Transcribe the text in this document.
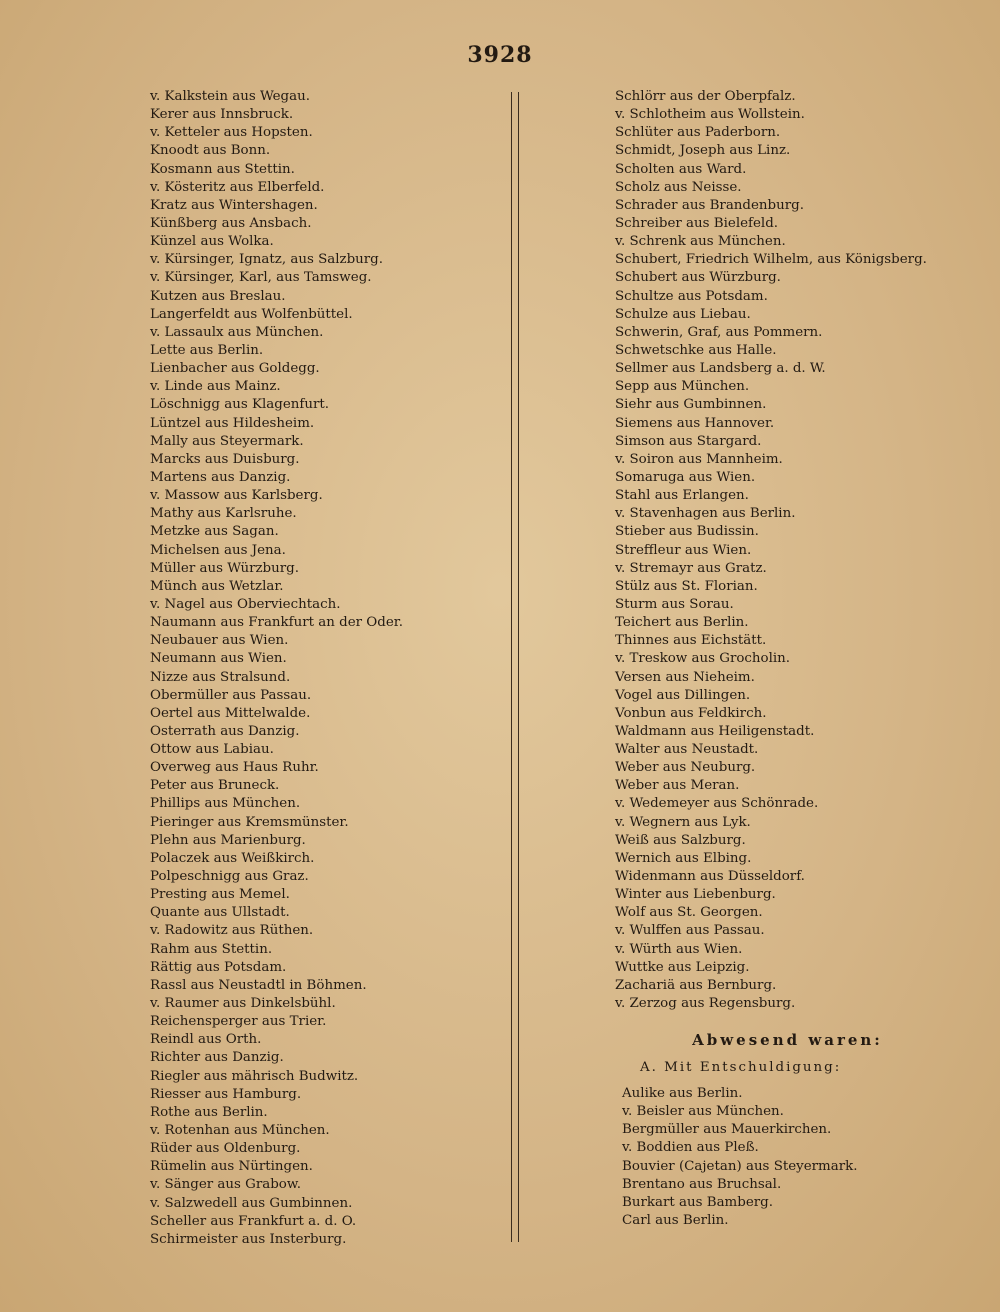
3928
v. Kalkstein aus Wegau.
Kerer aus Innsbruck.
v. Ketteler aus Hopsten.
Knoodt aus Bonn.
Kosmann aus Stettin.
v. Kösteritz aus Elberfeld.
Kratz aus Wintershagen.
Künßberg aus Ansbach.
Künzel aus Wolka.
v. Kürsinger, Ignatz, aus Salzburg.
v. Kürsinger, Karl, aus Tamsweg.
Kutzen aus Breslau.
Langerfeldt aus Wolfenbüttel.
v. Lassaulx aus München.
Lette aus Berlin.
Lienbacher aus Goldegg.
v. Linde aus Mainz.
Löschnigg aus Klagenfurt.
Lüntzel aus Hildesheim.
Mally aus Steyermark.
Marcks aus Duisburg.
Martens aus Danzig.
v. Massow aus Karlsberg.
Mathy aus Karlsruhe.
Metzke aus Sagan.
Michelsen aus Jena.
Müller aus Würzburg.
Münch aus Wetzlar.
v. Nagel aus Oberviechtach.
Naumann aus Frankfurt an der Oder.
Neubauer aus Wien.
Neumann aus Wien.
Nizze aus Stralsund.
Obermüller aus Passau.
Oertel aus Mittelwalde.
Osterrath aus Danzig.
Ottow aus Labiau.
Overweg aus Haus Ruhr.
Peter aus Bruneck.
Phillips aus München.
Pieringer aus Kremsmünster.
Plehn aus Marienburg.
Polaczek aus Weißkirch.
Polpeschnigg aus Graz.
Presting aus Memel.
Quante aus Ullstadt.
v. Radowitz aus Rüthen.
Rahm aus Stettin.
Rättig aus Potsdam.
Rassl aus Neustadtl in Böhmen.
v. Raumer aus Dinkelsbühl.
Reichensperger aus Trier.
Reindl aus Orth.
Richter aus Danzig.
Riegler aus mährisch Budwitz.
Riesser aus Hamburg.
Rothe aus Berlin.
v. Rotenhan aus München.
Rüder aus Oldenburg.
Rümelin aus Nürtingen.
v. Sänger aus Grabow.
v. Salzwedell aus Gumbinnen.
Scheller aus Frankfurt a. d. O.
Schirmeister aus Insterburg.
Schlörr aus der Oberpfalz.
v. Schlotheim aus Wollstein.
Schlüter aus Paderborn.
Schmidt, Joseph aus Linz.
Scholten aus Ward.
Scholz aus Neisse.
Schrader aus Brandenburg.
Schreiber aus Bielefeld.
v. Schrenk aus München.
Schubert, Friedrich Wilhelm, aus Königsberg.
Schubert aus Würzburg.
Schultze aus Potsdam.
Schulze aus Liebau.
Schwerin, Graf, aus Pommern.
Schwetschke aus Halle.
Sellmer aus Landsberg a. d. W.
Sepp aus München.
Siehr aus Gumbinnen.
Siemens aus Hannover.
Simson aus Stargard.
v. Soiron aus Mannheim.
Somaruga aus Wien.
Stahl aus Erlangen.
v. Stavenhagen aus Berlin.
Stieber aus Budissin.
Streffleur aus Wien.
v. Stremayr aus Gratz.
Stülz aus St. Florian.
Sturm aus Sorau.
Teichert aus Berlin.
Thinnes aus Eichstätt.
v. Treskow aus Grocholin.
Versen aus Nieheim.
Vogel aus Dillingen.
Vonbun aus Feldkirch.
Waldmann aus Heiligenstadt.
Walter aus Neustadt.
Weber aus Neuburg.
Weber aus Meran.
v. Wedemeyer aus Schönrade.
v. Wegnern aus Lyk.
Weiß aus Salzburg.
Wernich aus Elbing.
Widenmann aus Düsseldorf.
Winter aus Liebenburg.
Wolf aus St. Georgen.
v. Wulffen aus Passau.
v. Würth aus Wien.
Wuttke aus Leipzig.
Zachariä aus Bernburg.
v. Zerzog aus Regensburg.
Abwesend waren:
A. Mit Entschuldigung:
Aulike aus Berlin.
v. Beisler aus München.
Bergmüller aus Mauerkirchen.
v. Boddien aus Pleß.
Bouvier (Cajetan) aus Steyermark.
Brentano aus Bruchsal.
Burkart aus Bamberg.
Carl aus Berlin.
